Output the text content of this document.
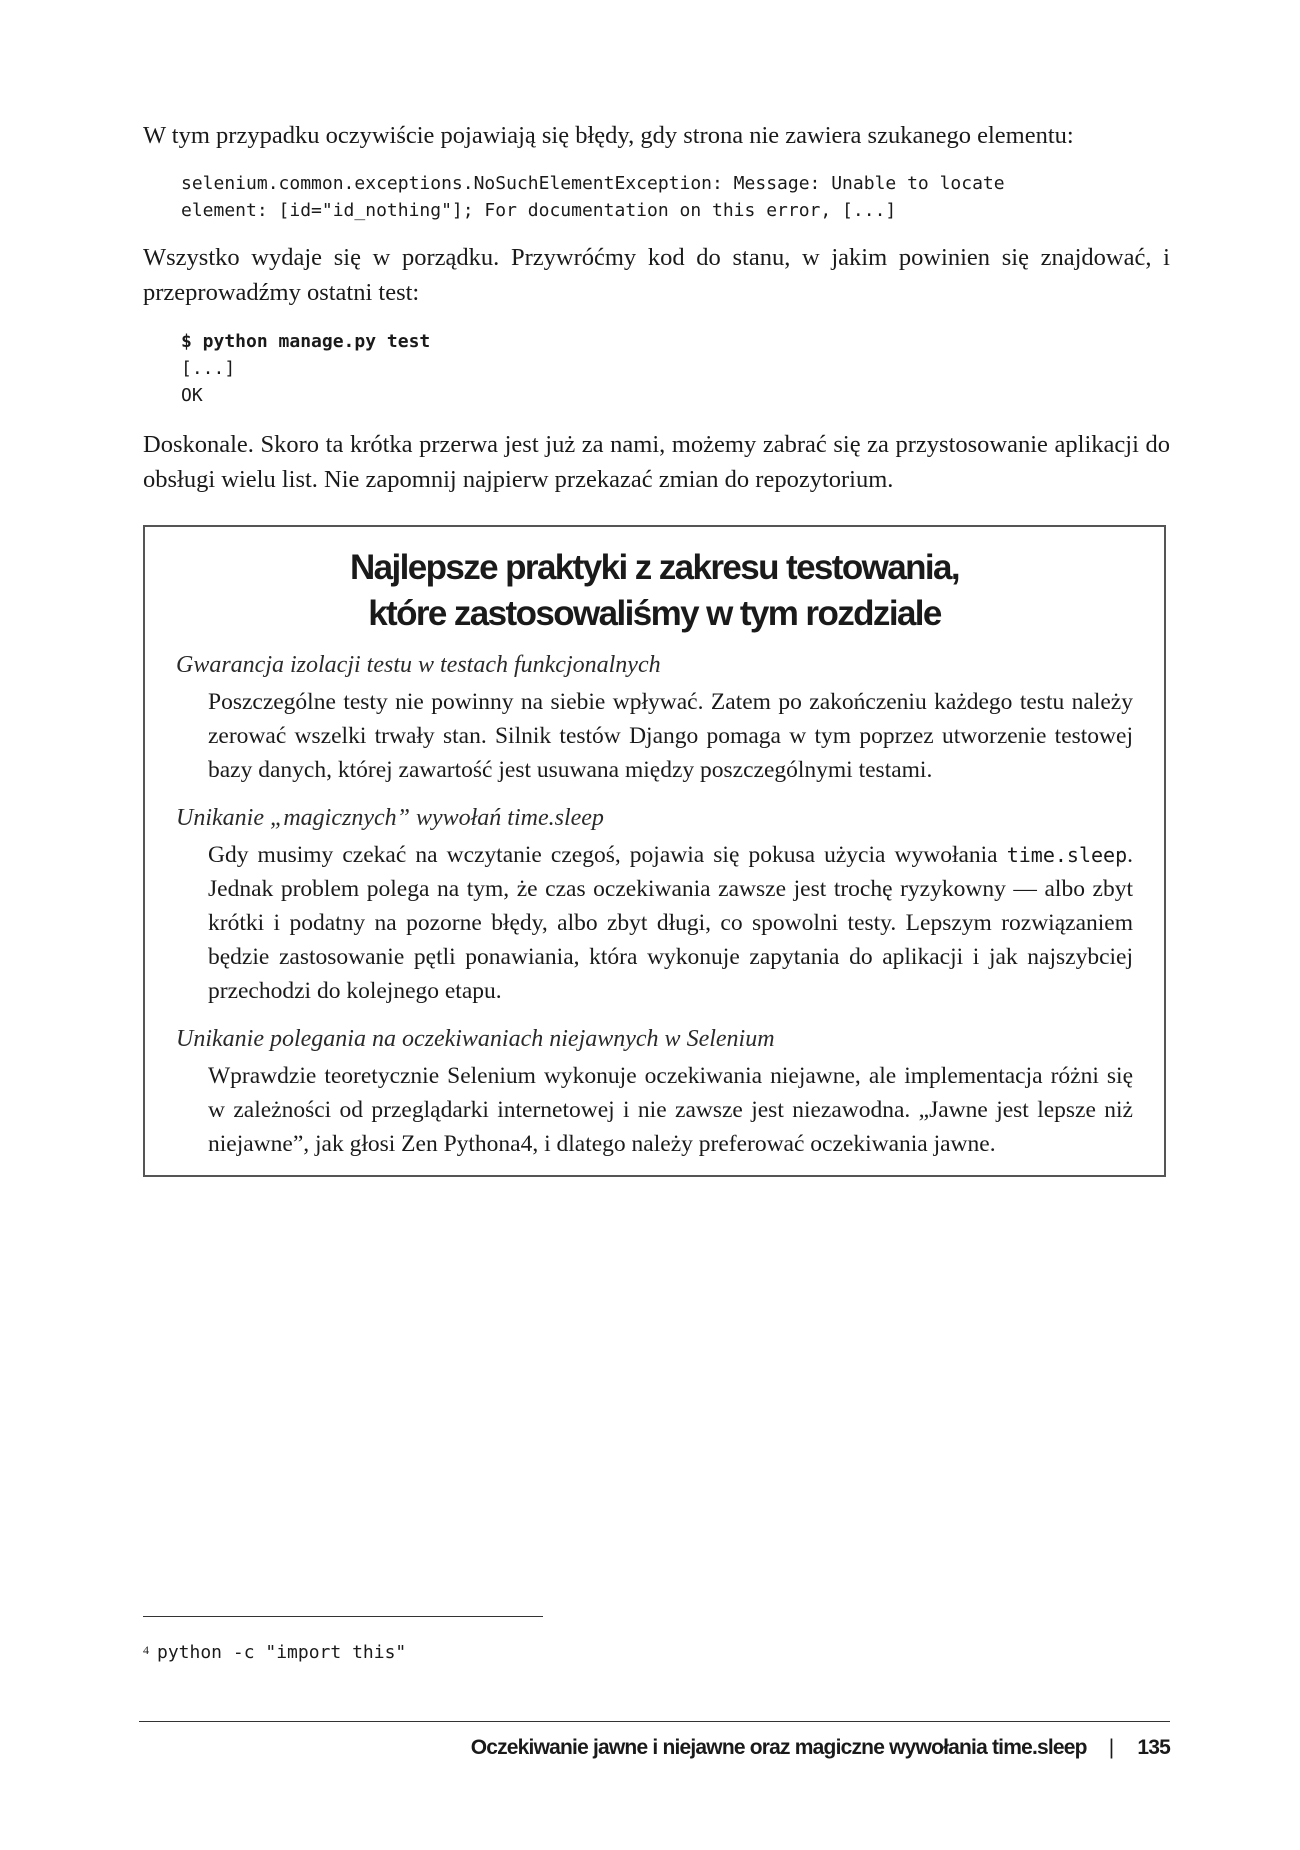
W tym przypadku oczywiście pojawiają się błędy, gdy strona nie zawiera szukanego elementu:

selenium.common.exceptions.NoSuchElementException: Message: Unable to locate
element: [id="id_nothing"]; For documentation on this error, [...]

Wszystko wydaje się w porządku. Przywróćmy kod do stanu, w jakim powinien się znajdować, i przeprowadźmy ostatni test:

$ python manage.py test
[...]
OK

Doskonale. Skoro ta krótka przerwa jest już za nami, możemy zabrać się za przystosowanie aplikacji do obsługi wielu list. Nie zapomnij najpierw przekazać zmian do repozytorium.

Najlepsze praktyki z zakresu testowania,
które zastosowaliśmy w tym rozdziale

Gwarancja izolacji testu w testach funkcjonalnych

Poszczególne testy nie powinny na siebie wpływać. Zatem po zakończeniu każdego testu należy zerować wszelki trwały stan. Silnik testów Django pomaga w tym poprzez utworzenie testowej bazy danych, której zawartość jest usuwana między poszczególnymi testami.

Unikanie „magicznych” wywołań time.sleep

Gdy musimy czekać na wczytanie czegoś, pojawia się pokusa użycia wywołania time.sleep. Jednak problem polega na tym, że czas oczekiwania zawsze jest trochę ryzykowny — albo zbyt krótki i podatny na pozorne błędy, albo zbyt długi, co spowolni testy. Lepszym rozwiązaniem będzie zastosowanie pętli ponawiania, która wykonuje zapytania do aplikacji i jak najszybciej przechodzi do kolejnego etapu.

Unikanie polegania na oczekiwaniach niejawnych w Selenium

Wprawdzie teoretycznie Selenium wykonuje oczekiwania niejawne, ale implementacja różni się w zależności od przeglądarki internetowej i nie zawsze jest niezawodna. „Jawne jest lepsze niż niejawne”, jak głosi Zen Pythona4, i dlatego należy preferować oczekiwania jawne.

$^4$ python -c "import this"

Oczekiwanie jawne i niejawne oraz magiczne wywołania time.sleep | 135
